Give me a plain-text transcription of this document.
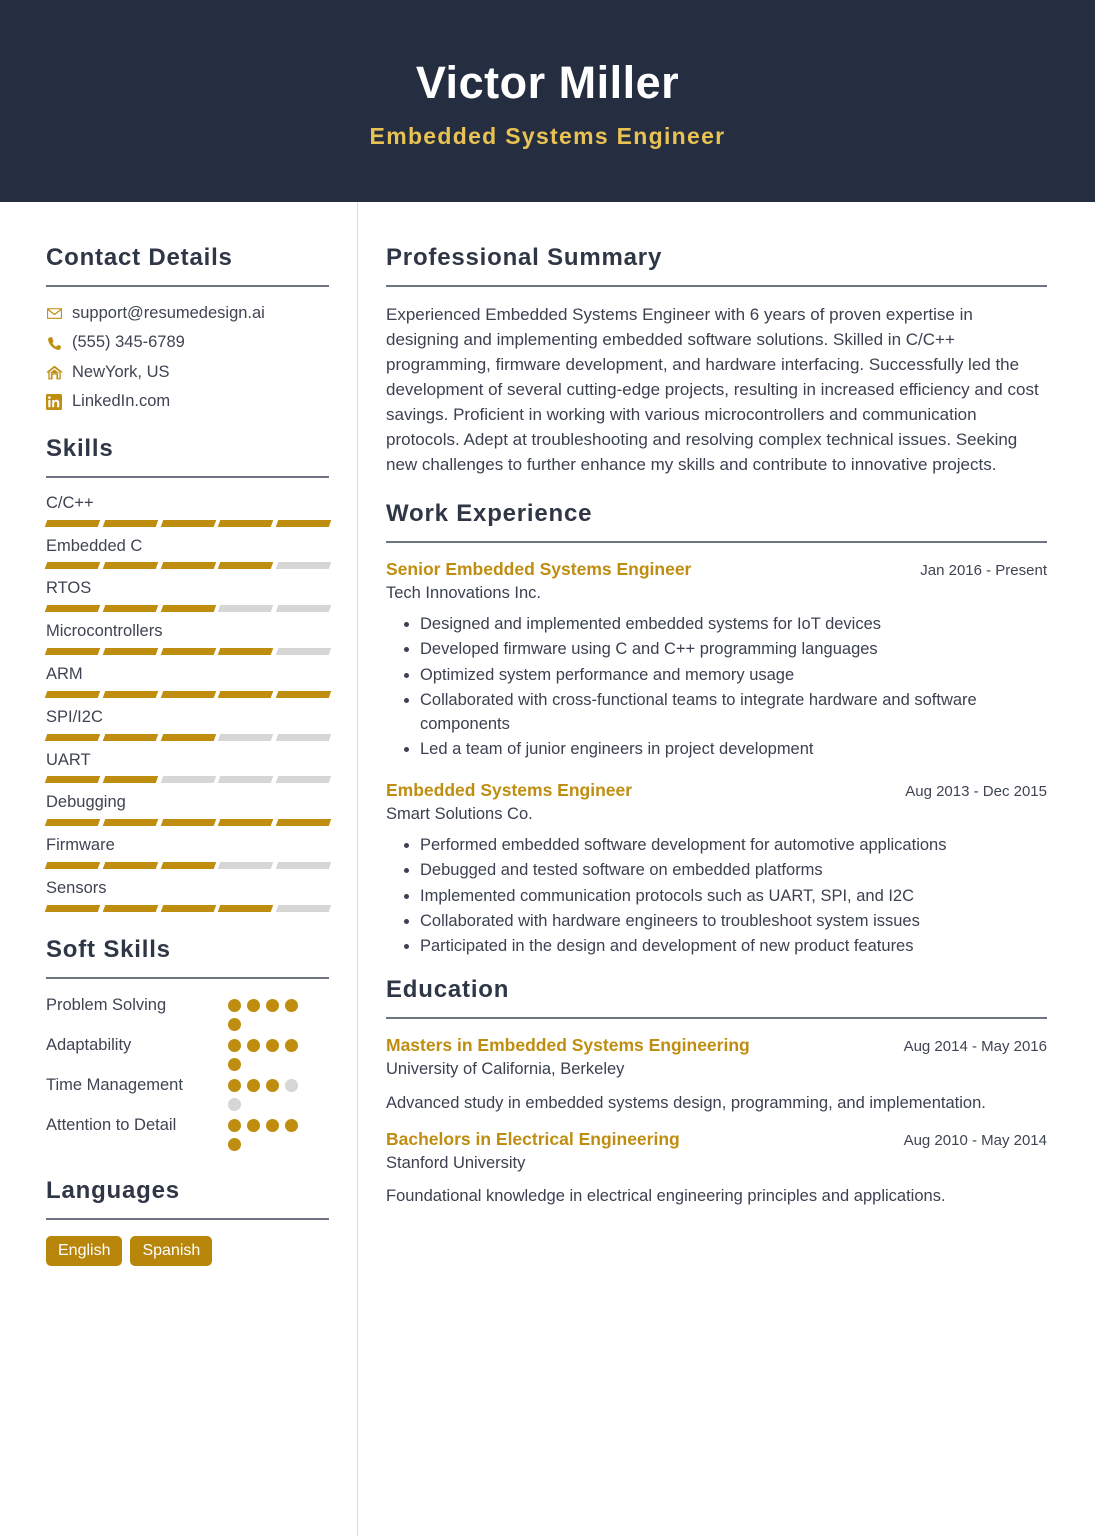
Victor Miller
Embedded Systems Engineer
Contact Details
support@resumedesign.ai
(555) 345-6789
NewYork, US
LinkedIn.com
Skills
C/C++
Embedded C
RTOS
Microcontrollers
ARM
SPI/I2C
UART
Debugging
Firmware
Sensors
Soft Skills
Problem Solving
Adaptability
Time Management
Attention to Detail
Languages
English	Spanish
Professional Summary

Experienced Embedded Systems Engineer with 6 years of proven expertise in designing and implementing embedded software solutions. Skilled in C/C++ programming, firmware development, and hardware interfacing. Successfully led the development of several cutting-edge projects, resulting in increased efficiency and cost savings. Proficient in working with various microcontrollers and communication protocols. Adept at troubleshooting and resolving complex technical issues. Seeking new challenges to further enhance my skills and contribute to innovative projects.

Work Experience
Senior Embedded Systems Engineer	Jan 2016 - Present
Tech Innovations Inc.
• Designed and implemented embedded systems for IoT devices
• Developed firmware using C and C++ programming languages
• Optimized system performance and memory usage
• Collaborated with cross-functional teams to integrate hardware and software components
• Led a team of junior engineers in project development
Embedded Systems Engineer	Aug 2013 - Dec 2015
Smart Solutions Co.
• Performed embedded software development for automotive applications
• Debugged and tested software on embedded platforms
• Implemented communication protocols such as UART, SPI, and I2C
• Collaborated with hardware engineers to troubleshoot system issues
• Participated in the design and development of new product features
Education
Masters in Embedded Systems Engineering	Aug 2014 - May 2016
University of California, Berkeley

Advanced study in embedded systems design, programming, and implementation.

Bachelors in Electrical Engineering	Aug 2010 - May 2014
Stanford University

Foundational knowledge in electrical engineering principles and applications.
